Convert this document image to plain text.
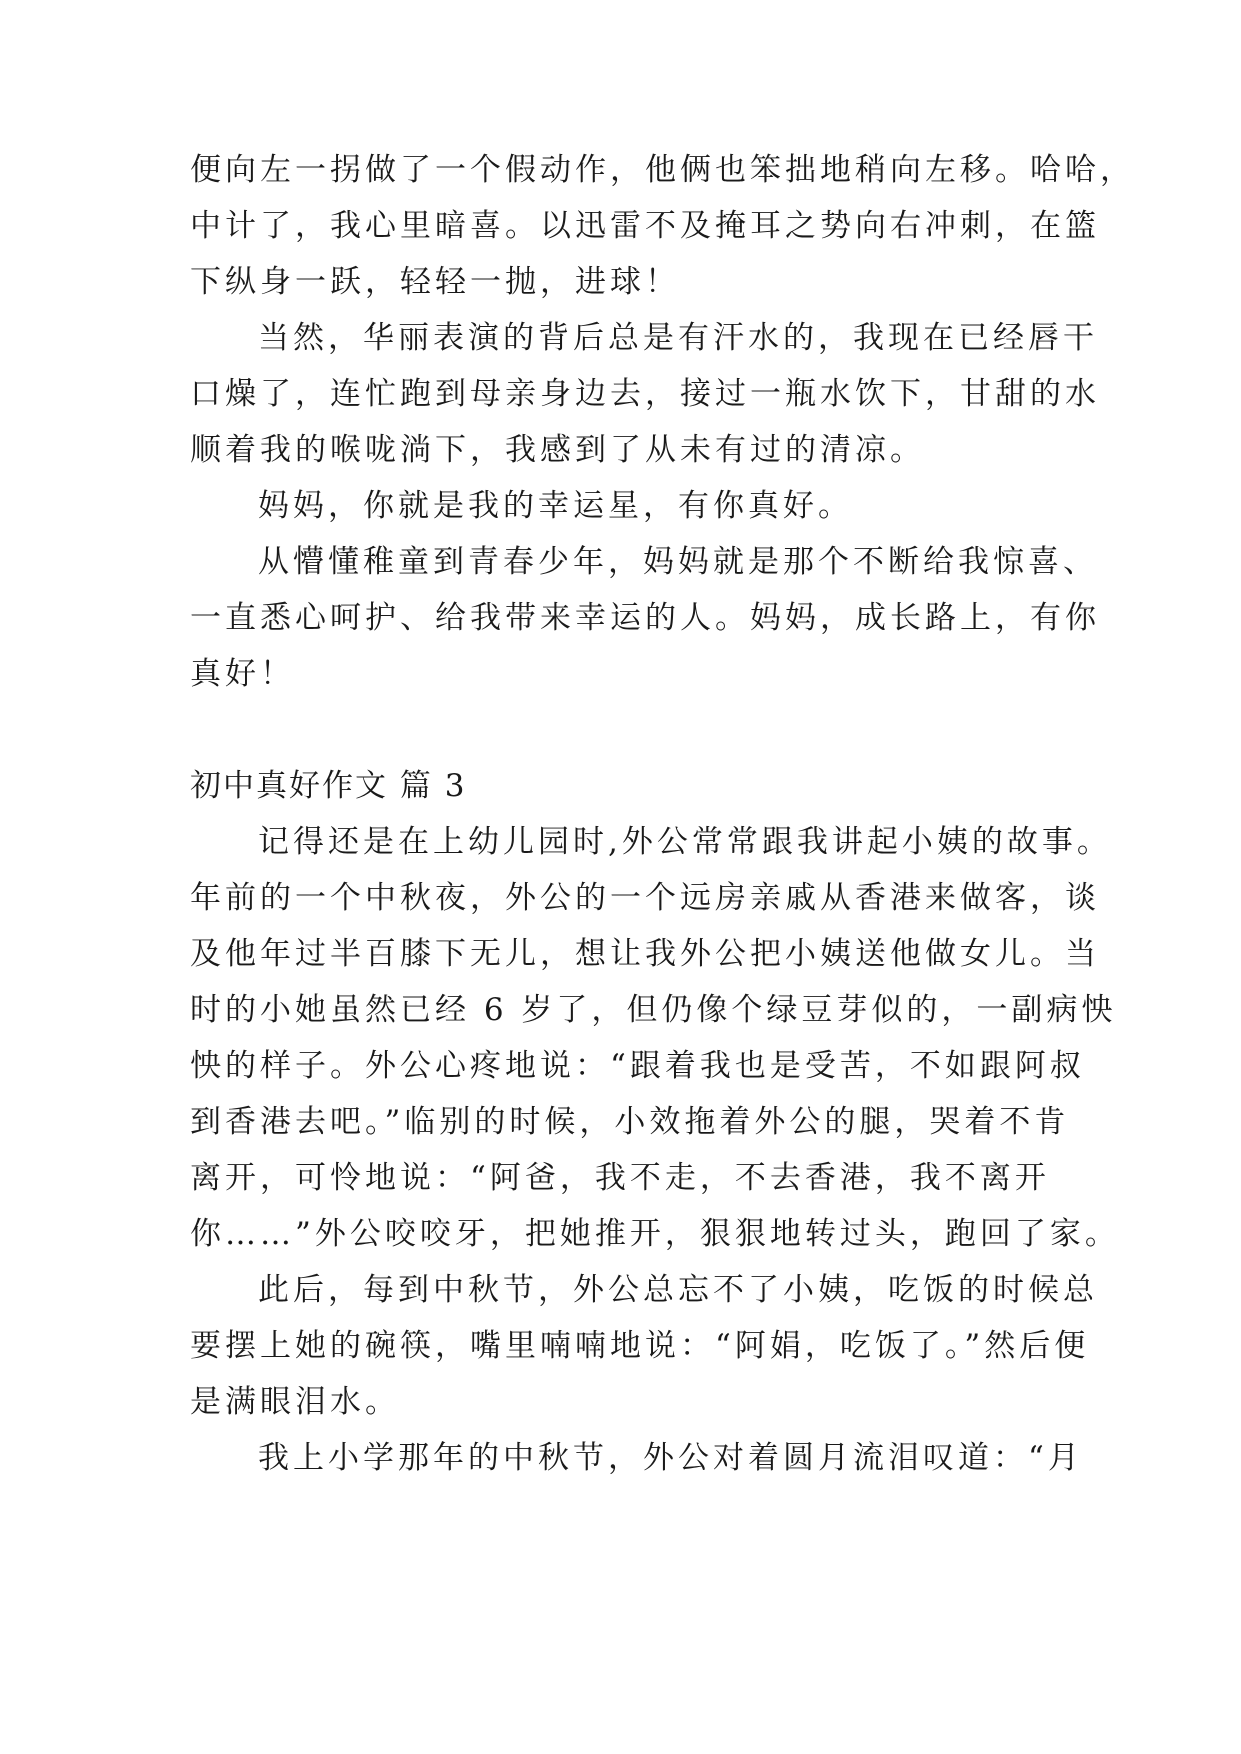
便向左一拐做了一个假动作，他俩也笨拙地稍向左移。哈哈，
中计了，我心里暗喜。以迅雷不及掩耳之势向右冲刺，在篮
下纵身一跃，轻轻一抛，进球！
当然，华丽表演的背后总是有汗水的，我现在已经唇干
口燥了，连忙跑到母亲身边去，接过一瓶水饮下，甘甜的水
顺着我的喉咙淌下，我感到了从未有过的清凉。
妈妈，你就是我的幸运星，有你真好。
从懵懂稚童到青春少年，妈妈就是那个不断给我惊喜、
一直悉心呵护、给我带来幸运的人。妈妈，成长路上，有你
真好！
初中真好作文 篇 3
记得还是在上幼儿园时,外公常常跟我讲起小姨的故事。
年前的一个中秋夜，外公的一个远房亲戚从香港来做客，谈
及他年过半百膝下无儿，想让我外公把小姨送他做女儿。当
时的小她虽然已经 6 岁了，但仍像个绿豆芽似的，一副病怏
怏的样子。外公心疼地说：“跟着我也是受苦，不如跟阿叔
到香港去吧。”临别的时候，小效拖着外公的腿，哭着不肯
离开，可怜地说：“阿爸，我不走，不去香港，我不离开
你……”外公咬咬牙，把她推开，狠狠地转过头，跑回了家。
此后，每到中秋节，外公总忘不了小姨，吃饭的时候总
要摆上她的碗筷，嘴里喃喃地说：“阿娟，吃饭了。”然后便
是满眼泪水。
我上小学那年的中秋节，外公对着圆月流泪叹道：“月
